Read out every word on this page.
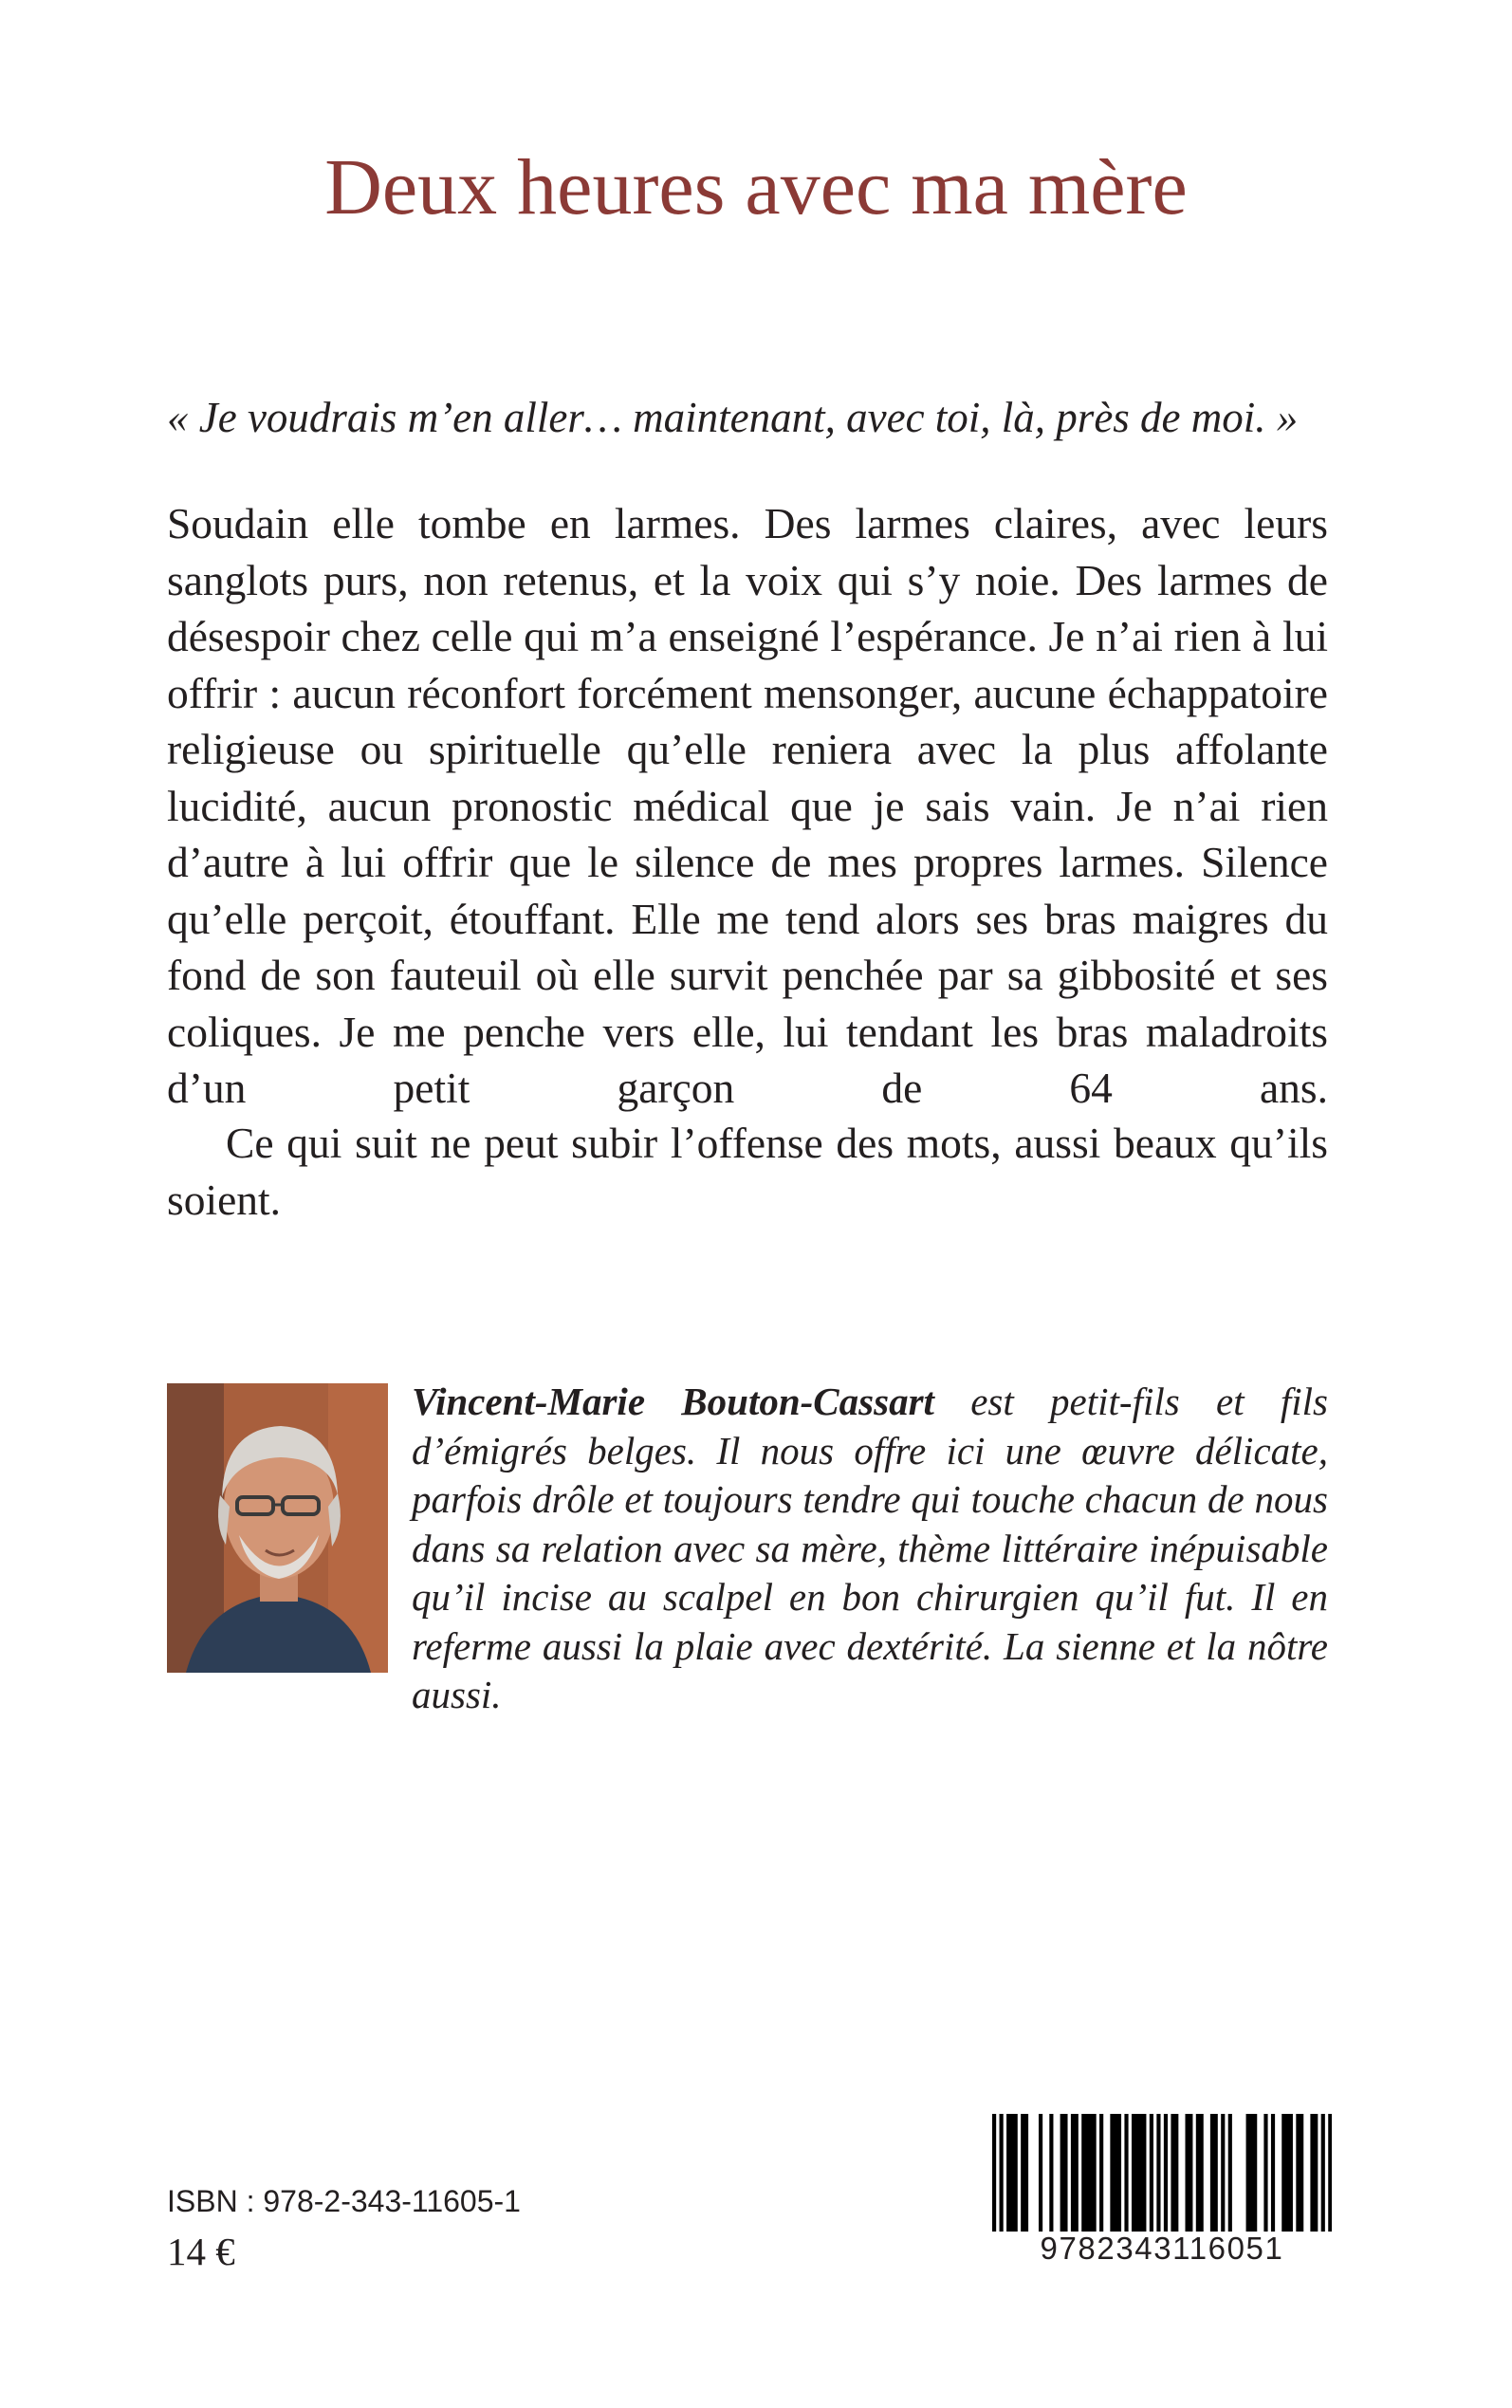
Deux heures avec ma mère
« Je voudrais m’en aller… maintenant, avec toi, là, près de moi. »

Soudain elle tombe en larmes. Des larmes claires, avec leurs sanglots purs, non retenus, et la voix qui s’y noie. Des larmes de désespoir chez celle qui m’a enseigné l’espérance. Je n’ai rien à lui offrir : aucun réconfort forcément mensonger, aucune échappatoire religieuse ou spirituelle qu’elle reniera avec la plus affolante lucidité, aucun pronostic médical que je sais vain. Je n’ai rien d’autre à lui offrir que le silence de mes propres larmes. Silence qu’elle perçoit, étouffant. Elle me tend alors ses bras maigres du fond de son fauteuil où elle survit penchée par sa gibbosité et ses coliques. Je me penche vers elle, lui tendant les bras maladroits d’un petit garçon de 64 ans.

Ce qui suit ne peut subir l’offense des mots, aussi beaux qu’ils soient.

Vincent-Marie Bouton-Cassart est petit-fils et fils d’émigrés belges. Il nous offre ici une œuvre délicate, parfois drôle et toujours tendre qui touche chacun de nous dans sa relation avec sa mère, thème littéraire inépuisable qu’il incise au scalpel en bon chirurgien qu’il fut. Il en referme aussi la plaie avec dextérité. La sienne et la nôtre aussi.

ISBN : 978-2-343-11605-1
14 €	9782343116051
